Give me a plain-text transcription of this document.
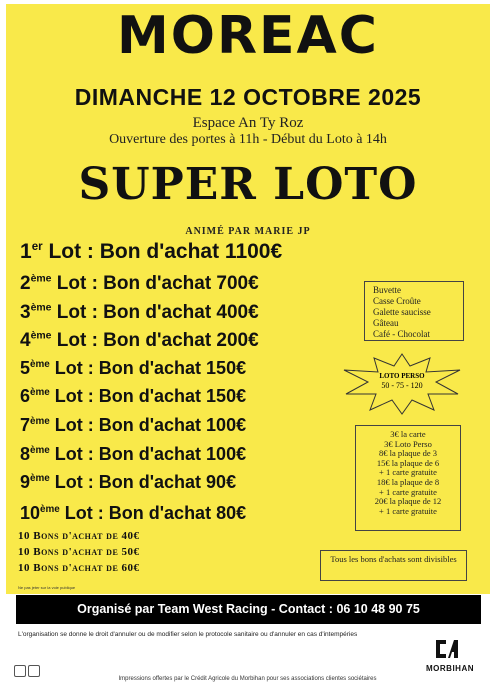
MOREAC
DIMANCHE 12 OCTOBRE 2025
Espace An Ty Roz
Ouverture des portes à 11h - Début du Loto à 14h
SUPER LOTO
ANIMÉ PAR MARIE JP
1er Lot : Bon d'achat 1100€
2ème Lot : Bon d'achat 700€
3ème Lot : Bon d'achat 400€
4ème Lot : Bon d'achat 200€
5ème Lot : Bon d'achat 150€
6ème Lot : Bon d'achat 150€
7ème Lot : Bon d'achat 100€
8ème Lot : Bon d'achat 100€
9ème Lot : Bon d'achat 90€
10ème Lot : Bon d'achat 80€
10 Bons d'achat de 40€
10 Bons d'achat de 50€
10 Bons d'achat de 60€
Buvette
Casse Croûte
Galette saucisse
Gâteau
Café - Chocolat
LOTO PERSO
50 - 75 - 120
3€ la carte
3€ Loto Perso
8€ la plaque de 3
15€ la plaque de 6
+ 1 carte gratuite
18€ la plaque de 8
+ 1 carte gratuite
20€ la plaque de 12
+ 1 carte gratuite
Tous les bons d'achats sont divisibles
Ne pas jeter sur la voie publique
Organisé par Team West Racing - Contact : 06 10 48 90 75
L'organisation se donne le droit d'annuler ou de modifier selon le protocole sanitaire ou d'annuler en cas d'intempéries
MORBIHAN
Impressions offertes par le Crédit Agricole du Morbihan pour ses associations clientes sociétaires
